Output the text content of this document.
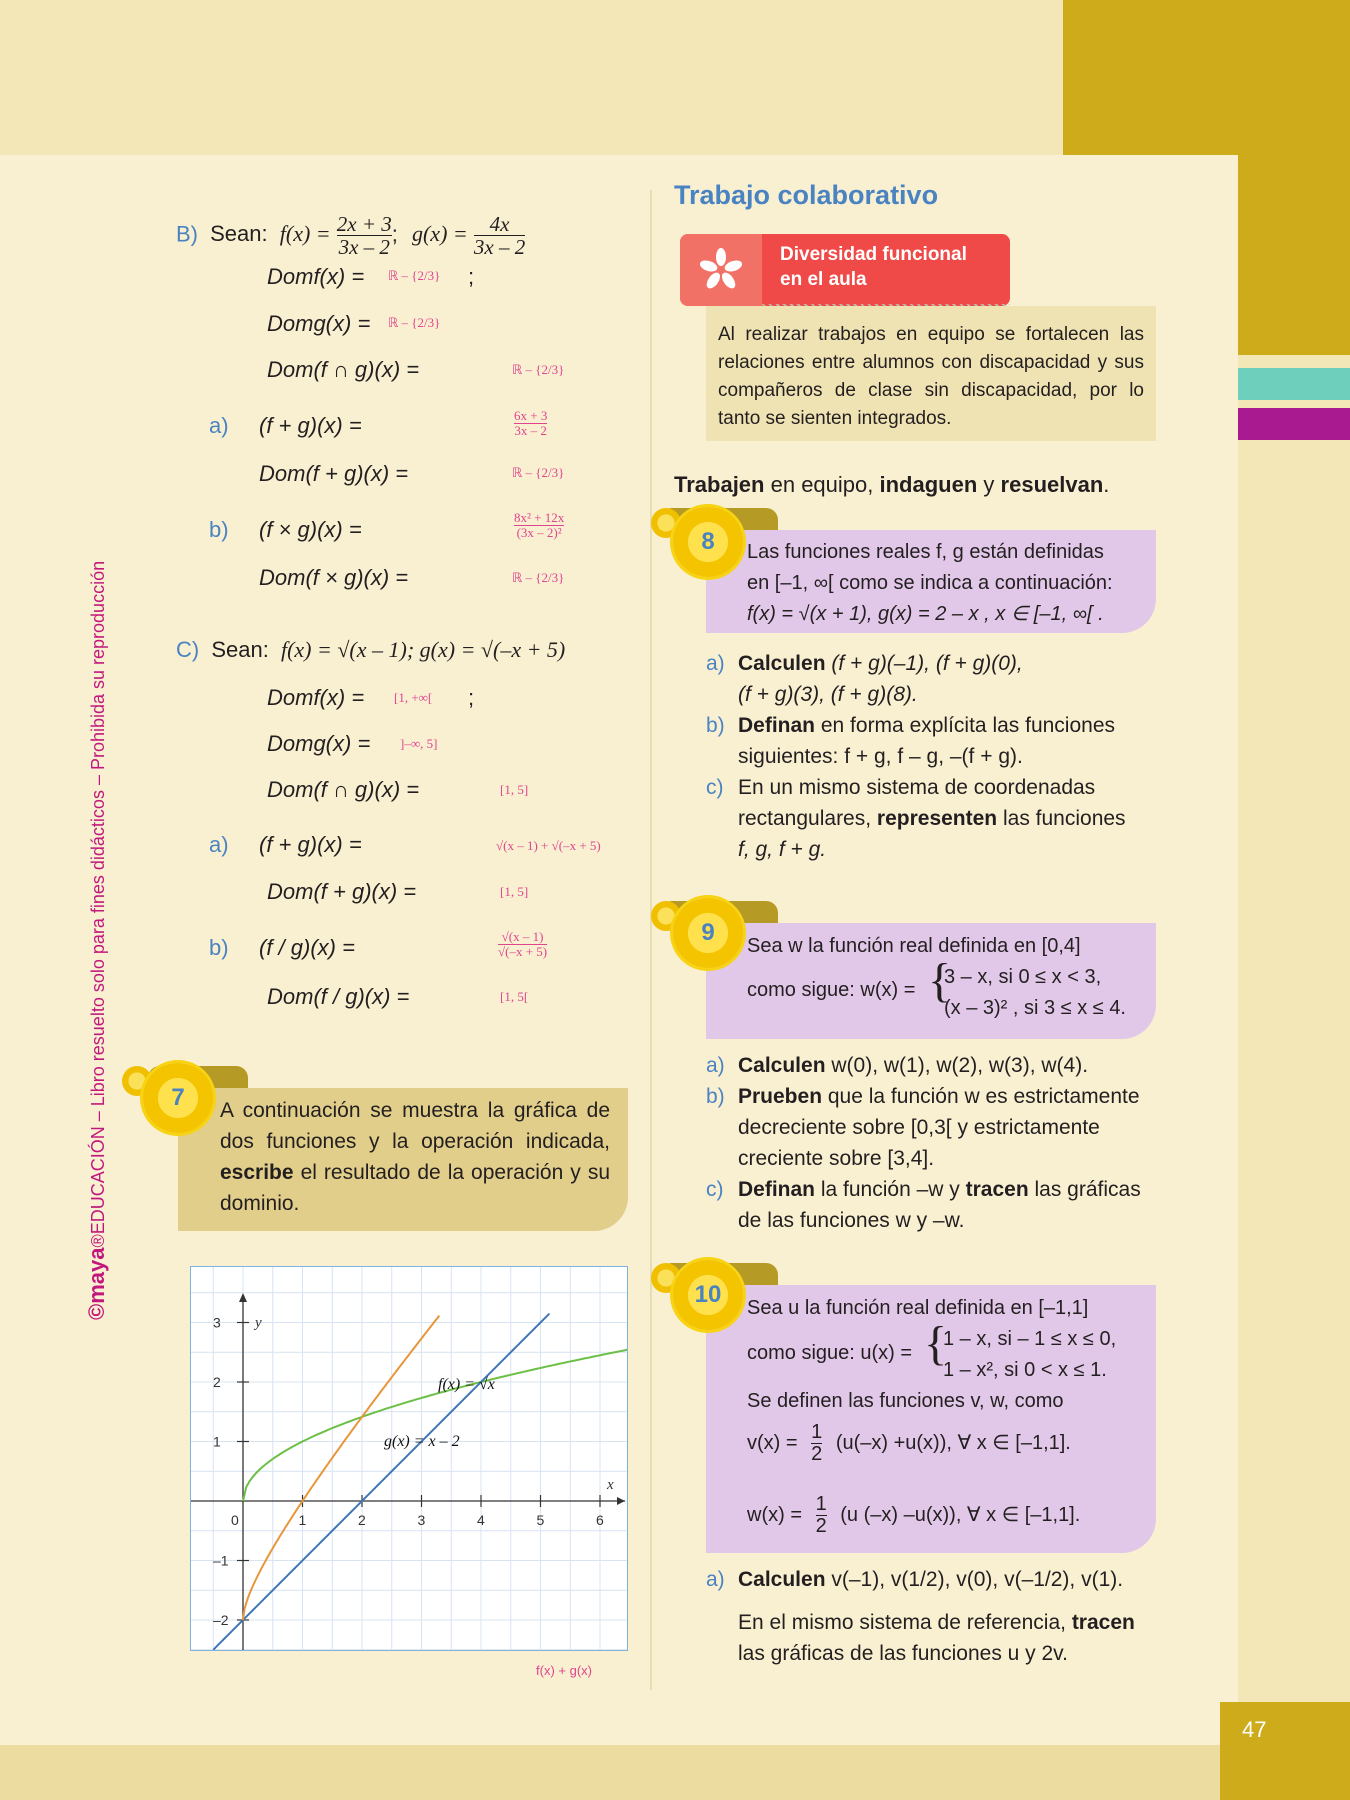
47
©maya®EDUCACIÓN – Libro resuelto solo para fines didácticos – Prohibida su reproducción
B) Sean: $f(x) = \frac{2x + 3}{3x - 2}$ ; $g(x) = \frac{4x}{3x - 2}$
Domf(x) = ℝ – {2/3} ;
Domg(x) = ℝ – {2/3}
Dom(f ∩ g)(x) =	ℝ – {2/3}
a) (f + g)(x) =	6x + 3
3x – 2
Dom(f + g)(x) =	ℝ – {2/3}
b) (f × g)(x) =	8x² + 12x
(3x – 2)²
Dom(f × g)(x) =	ℝ – {2/3}
C) Sean: f(x) = √(x – 1); g(x) = √(–x + 5)
Domf(x) = [1, +∞[ ;
Domg(x) = ]–∞, 5]
Dom(f ∩ g)(x) =	[1, 5]
a) (f + g)(x) =	√(x – 1) + √(–x + 5)
Dom(f + g)(x) =	[1, 5]
b) (f / g)(x) =	√(x – 1)
√(–x + 5)
Dom(f / g)(x) =	[1, 5[
A continuación se muestra la gráfica de dos funciones y la operación indicada, escribe el resultado de la operación y su dominio.
7
x
y
0	1	2	3	4	5	6
3
2
1
–1
–2
f(x) = √x
g(x) = x – 2
f(x) + g(x)
Trabajo colaborativo
Diversidad funcional
en el aula
Al realizar trabajos en equipo se fortalecen las relaciones entre alumnos con discapacidad y sus compañeros de clase sin discapacidad, por lo tanto se sienten integrados.
Trabajen en equipo, indaguen y resuelvan.
8	Las funciones reales f, g están definidas
en [–1, ∞[ como se indica a continuación:
f(x) = √(x + 1), g(x) = 2 – x , x ∈ [–1, ∞[ .
a) Calculen (f + g)(–1), (f + g)(0),
(f + g)(3), (f + g)(8).
b) Definan en forma explícita las funciones
siguientes: f + g, f – g, –(f + g).
c) En un mismo sistema de coordenadas
rectangulares, representen las funciones
f, g, f + g.
9	Sea w la función real definida en [0,4]
como sigue: w(x) = {
3 – x, si 0 ≤ x < 3,
(x – 3)² , si 3 ≤ x ≤ 4.
a) Calculen w(0), w(1), w(2), w(3), w(4).
b) Prueben que la función w es estrictamente
decreciente sobre [0,3[ y estrictamente
creciente sobre [3,4].
c) Definan la función –w y tracen las gráficas
de las funciones w y –w.
10	Sea u la función real definida en [–1,1]
como sigue: u(x) = {
1 – x, si – 1 ≤ x ≤ 0,
1 – x², si 0 < x ≤ 1.
Se definen las funciones v, w, como
$v(x) = \frac{1}{2} (u(-x) +u(x))$, ∀ x ∈ [–1,1].
$w(x) = \frac{1}{2} (u$ (–x) –u(x)), ∀ x ∈ [–1,1].
a) Calculen v(–1), v(1/2), v(0), v(–1/2), v(1).
En el mismo sistema de referencia, tracen
las gráficas de las funciones u y 2v.
